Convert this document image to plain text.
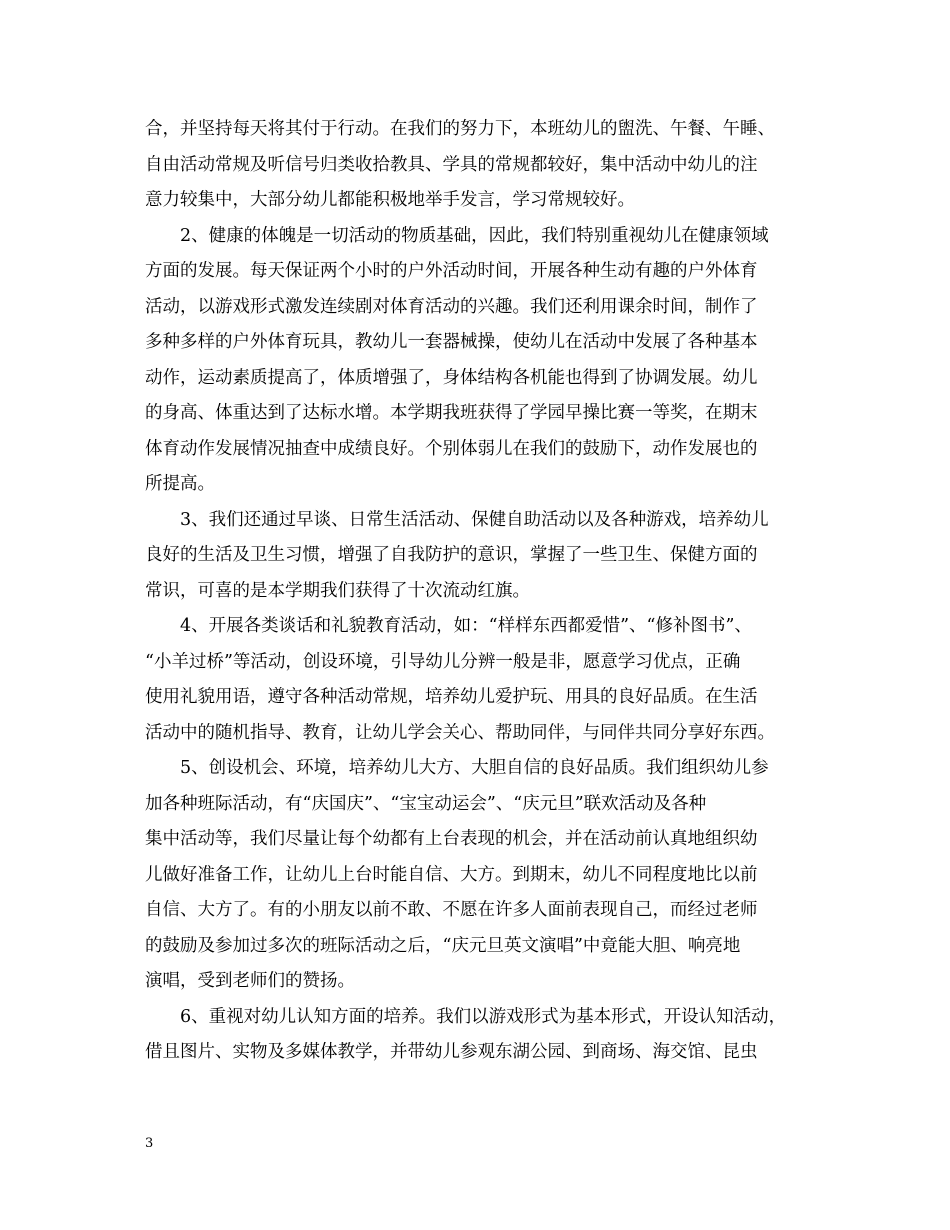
合，并坚持每天将其付于行动。在我们的努力下，本班幼儿的盥洗、午餐、午睡、
自由活动常规及听信号归类收拾教具、学具的常规都较好，集中活动中幼儿的注
意力较集中，大部分幼儿都能积极地举手发言，学习常规较好。
　　2、健康的体魄是一切活动的物质基础，因此，我们特别重视幼儿在健康领域
方面的发展。每天保证两个小时的户外活动时间，开展各种生动有趣的户外体育
活动，以游戏形式激发连续剧对体育活动的兴趣。我们还利用课余时间，制作了
多种多样的户外体育玩具，教幼儿一套器械操，使幼儿在活动中发展了各种基本
动作，运动素质提高了，体质增强了，身体结构各机能也得到了协调发展。幼儿
的身高、体重达到了达标水增。本学期我班获得了学园早操比赛一等奖，在期末
体育动作发展情况抽查中成绩良好。个别体弱儿在我们的鼓励下，动作发展也的
所提高。
　　3、我们还通过早谈、日常生活活动、保健自助活动以及各种游戏，培养幼儿
良好的生活及卫生习惯，增强了自我防护的意识，掌握了一些卫生、保健方面的
常识，可喜的是本学期我们获得了十次流动红旗。
　　4、开展各类谈话和礼貌教育活动，如：“样样东西都爱惜”、“修补图书”、
“小羊过桥”等活动，创设环境，引导幼儿分辨一般是非，愿意学习优点，正确
使用礼貌用语，遵守各种活动常规，培养幼儿爱护玩、用具的良好品质。在生活
活动中的随机指导、教育，让幼儿学会关心、帮助同伴，与同伴共同分享好东西。
　　5、创设机会、环境，培养幼儿大方、大胆自信的良好品质。我们组织幼儿参
加各种班际活动，有“庆国庆”、“宝宝动运会”、“庆元旦”联欢活动及各种
集中活动等，我们尽量让每个幼都有上台表现的机会，并在活动前认真地组织幼
儿做好准备工作，让幼儿上台时能自信、大方。到期末，幼儿不同程度地比以前
自信、大方了。有的小朋友以前不敢、不愿在许多人面前表现自己，而经过老师
的鼓励及参加过多次的班际活动之后，“庆元旦英文演唱”中竟能大胆、响亮地
演唱，受到老师们的赞扬。
　　6、重视对幼儿认知方面的培养。我们以游戏形式为基本形式，开设认知活动，
借且图片、实物及多媒体教学，并带幼儿参观东湖公园、到商场、海交馆、昆虫
3
